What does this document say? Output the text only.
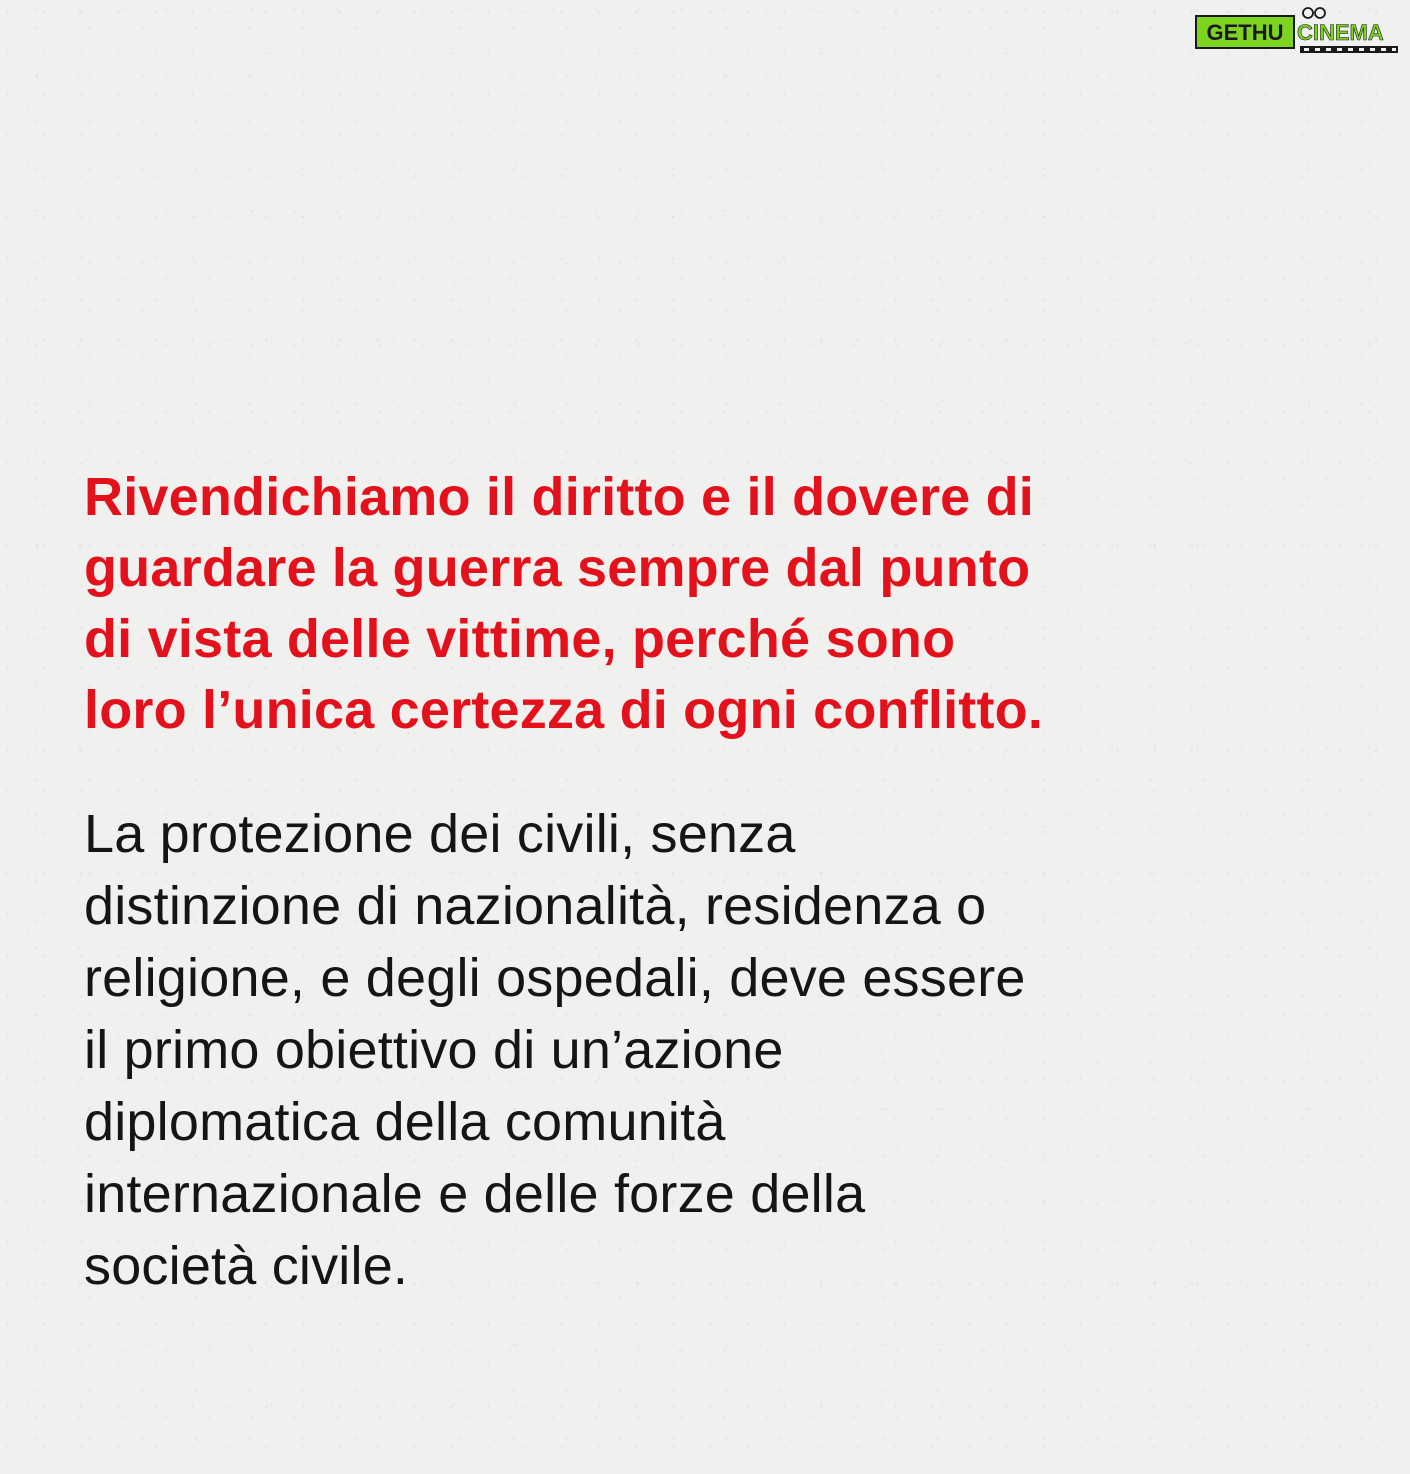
GETHU CINEMA

Rivendichiamo il diritto e il dovere di
guardare la guerra sempre dal punto
di vista delle vittime, perché sono
loro l’unica certezza di ogni conflitto.

La protezione dei civili, senza
distinzione di nazionalità, residenza o
religione, e degli ospedali, deve essere
il primo obiettivo di un’azione
diplomatica della comunità
internazionale e delle forze della
società civile.
